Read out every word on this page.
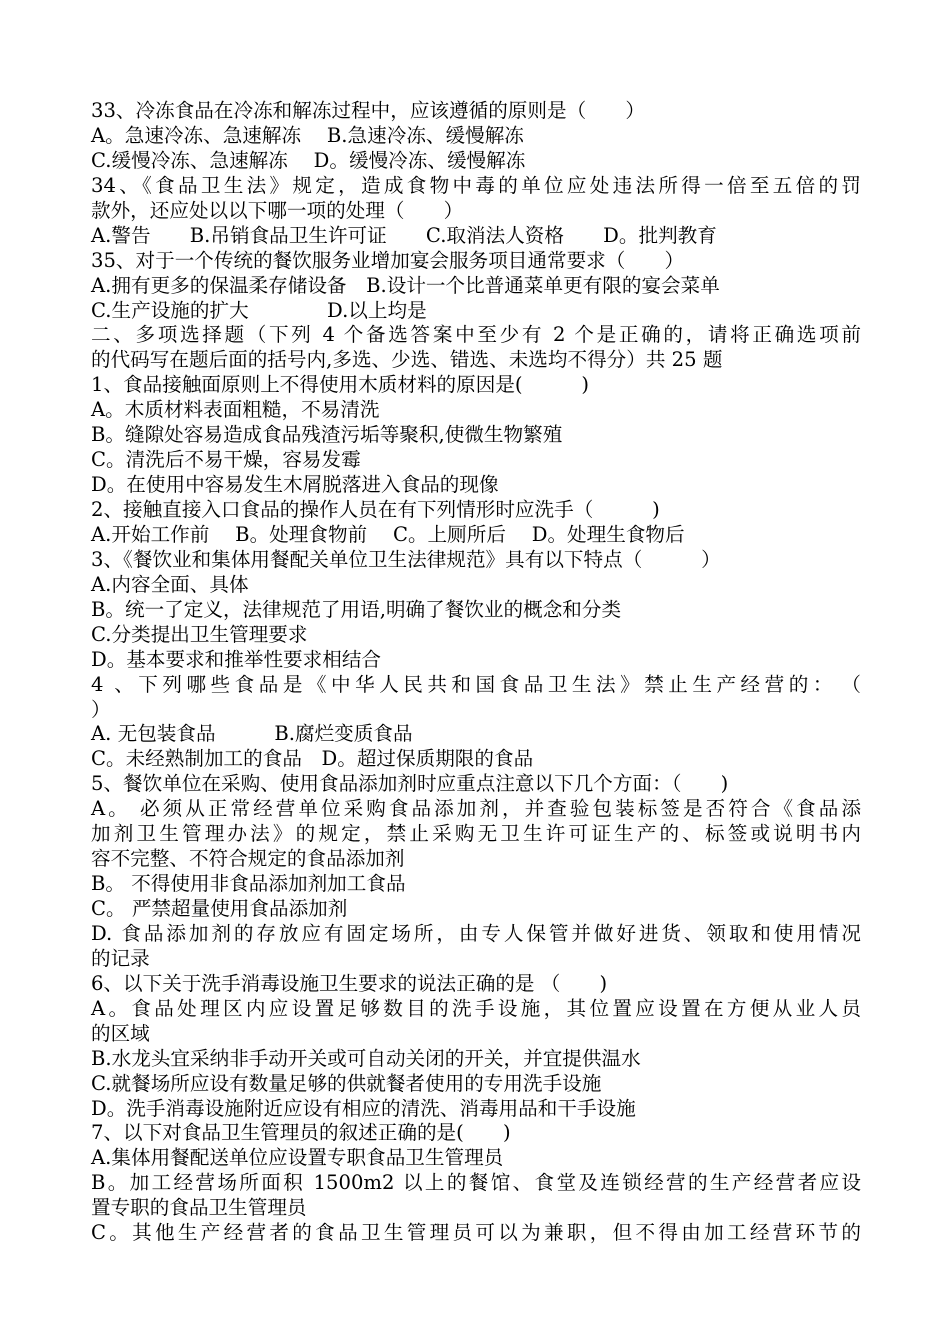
33、冷冻食品在冷冻和解冻过程中，应该遵循的原则是（　　）
A。急速冷冻、急速解冻　 B.急速冷冻、缓慢解冻
C.缓慢冷冻、急速解冻　 D。缓慢冷冻、缓慢解冻
34、《食品卫生法》规定，造成食物中毒的单位应处违法所得一倍至五倍的罚
款外，还应处以以下哪一项的处理（　　）
A.警告　　B.吊销食品卫生许可证　　C.取消法人资格　　D。批判教育
35、对于一个传统的餐饮服务业增加宴会服务项目通常要求（　　）
A.拥有更多的保温柔存储设备　B.设计一个比普通菜单更有限的宴会菜单
C.生产设施的扩大　　　　D.以上均是
二、多项选择题（下列 4 个备选答案中至少有 2 个是正确的，请将正确选项前
的代码写在题后面的括号内,多选、少选、错选、未选均不得分）共 25 题
1、食品接触面原则上不得使用木质材料的原因是(　　　)
A。木质材料表面粗糙，不易清洗
B。缝隙处容易造成食品残渣污垢等聚积,使微生物繁殖
C。清洗后不易干燥，容易发霉
D。在使用中容易发生木屑脱落进入食品的现像
2、接触直接入口食品的操作人员在有下列情形时应洗手（　　　)
A.开始工作前　 B。处理食物前　 C。上厕所后　 D。处理生食物后
3、《餐饮业和集体用餐配关单位卫生法律规范》具有以下特点（　　　）
A.内容全面、具体
B。统一了定义，法律规范了用语,明确了餐饮业的概念和分类
C.分类提出卫生管理要求
D。基本要求和推举性要求相结合
4 、下列哪些食品是《中华人民共和国食品卫生法》禁止生产经营的：　（
）
A. 无包装食品　　　B.腐烂变质食品
C。未经熟制加工的食品　D。超过保质期限的食品
5、餐饮单位在采购、使用食品添加剂时应重点注意以下几个方面：（　　)
A。 必须从正常经营单位采购食品添加剂，并查验包装标签是否符合《食品添
加剂卫生管理办法》的规定，禁止采购无卫生许可证生产的、标签或说明书内
容不完整、不符合规定的食品添加剂
B。 不得使用非食品添加剂加工食品
C。 严禁超量使用食品添加剂
D. 食品添加剂的存放应有固定场所，由专人保管并做好进货、领取和使用情况
的记录
6、以下关于洗手消毒设施卫生要求的说法正确的是 （　　)
A。食品处理区内应设置足够数目的洗手设施，其位置应设置在方便从业人员
的区域
B.水龙头宜采纳非手动开关或可自动关闭的开关，并宜提供温水
C.就餐场所应设有数量足够的供就餐者使用的专用洗手设施
D。洗手消毒设施附近应设有相应的清洗、消毒用品和干手设施
7、以下对食品卫生管理员的叙述正确的是(　　)
A.集体用餐配送单位应设置专职食品卫生管理员
B。加工经营场所面积 1500m2 以上的餐馆、食堂及连锁经营的生产经营者应设
置专职的食品卫生管理员
C。其他生产经营者的食品卫生管理员可以为兼职，但不得由加工经营环节的
